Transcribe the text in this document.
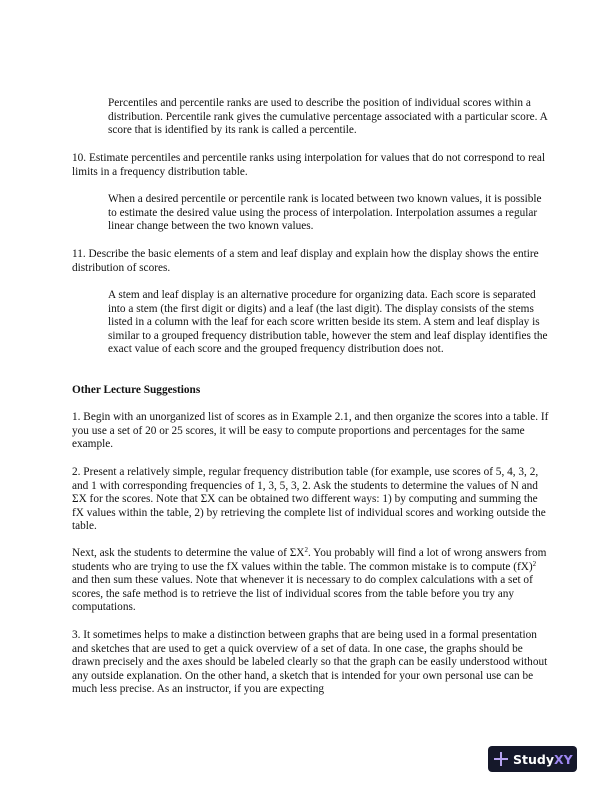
Percentiles and percentile ranks are used to describe the position of individual scores within a distribution. Percentile rank gives the cumulative percentage associated with a particular score. A score that is identified by its rank is called a percentile.

10. Estimate percentiles and percentile ranks using interpolation for values that do not correspond to real limits in a frequency distribution table.

When a desired percentile or percentile rank is located between two known values, it is possible to estimate the desired value using the process of interpolation. Interpolation assumes a regular linear change between the two known values.

11. Describe the basic elements of a stem and leaf display and explain how the display shows the entire distribution of scores.

A stem and leaf display is an alternative procedure for organizing data. Each score is separated into a stem (the first digit or digits) and a leaf (the last digit). The display consists of the stems listed in a column with the leaf for each score written beside its stem. A stem and leaf display is similar to a grouped frequency distribution table, however the stem and leaf display identifies the exact value of each score and the grouped frequency distribution does not.

Other Lecture Suggestions

1. Begin with an unorganized list of scores as in Example 2.1, and then organize the scores into a table. If you use a set of 20 or 25 scores, it will be easy to compute proportions and percentages for the same example.

2. Present a relatively simple, regular frequency distribution table (for example, use scores of 5, 4, 3, 2, and 1 with corresponding frequencies of 1, 3, 5, 3, 2. Ask the students to determine the values of N and ΣX for the scores. Note that ΣX can be obtained two different ways: 1) by computing and summing the fX values within the table, 2) by retrieving the complete list of individual scores and working outside the table.

Next, ask the students to determine the value of $\Sigma X^2$. You probably will find a lot of wrong answers from students who are trying to use the fX values within the table. The common mistake is to compute (fX)$^2$ and then sum these values. Note that whenever it is necessary to do complex calculations with a set of scores, the safe method is to retrieve the list of individual scores from the table before you try any computations.

3. It sometimes helps to make a distinction between graphs that are being used in a formal presentation and sketches that are used to get a quick overview of a set of data. In one case, the graphs should be drawn precisely and the axes should be labeled clearly so that the graph can be easily understood without any outside explanation. On the other hand, a sketch that is intended for your own personal use can be much less precise. As an instructor, if you are expecting

Study XY
